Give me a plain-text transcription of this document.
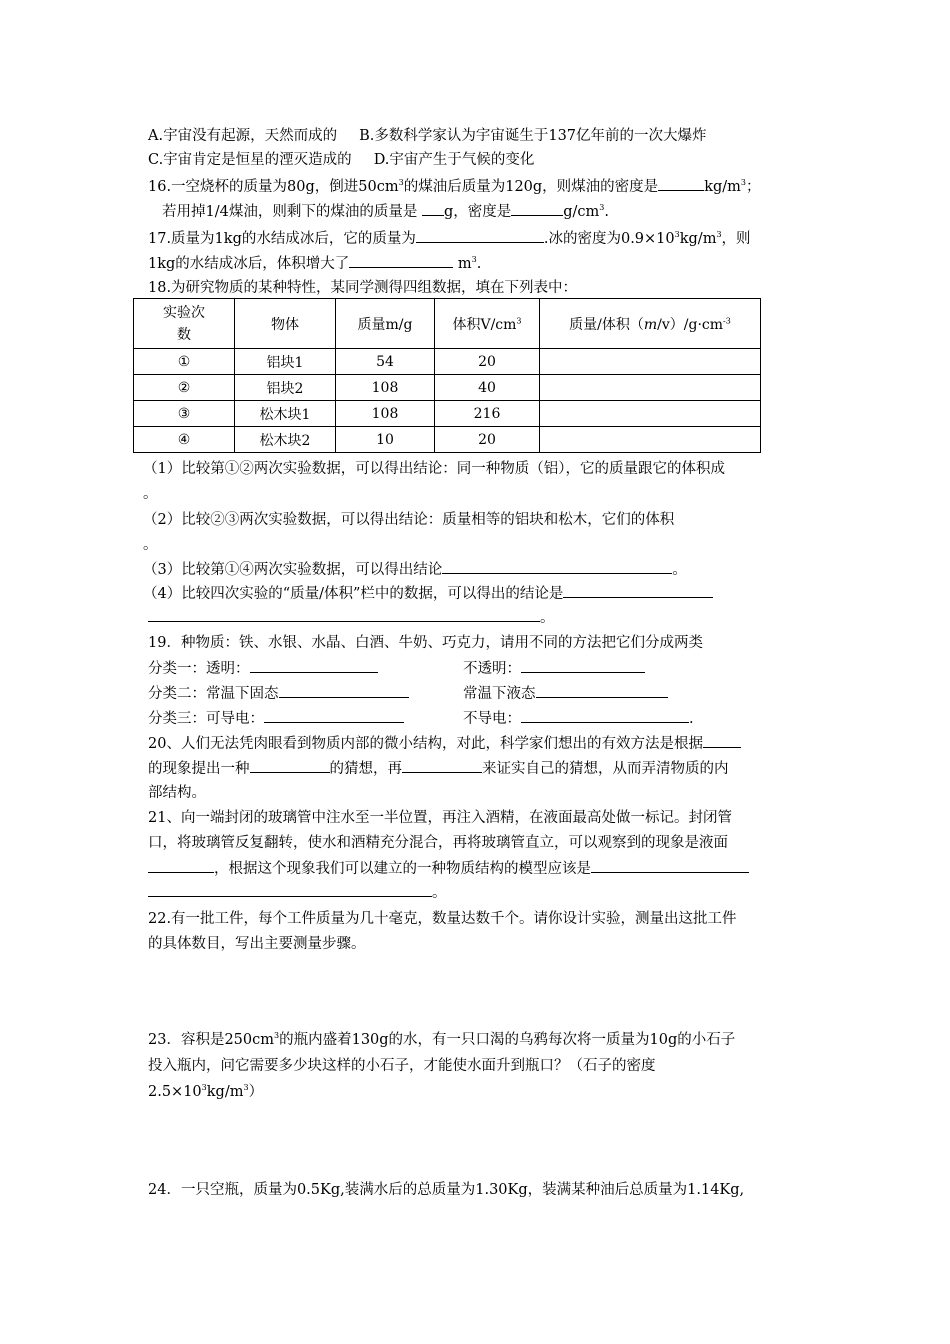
A.宇宙没有起源，天然而成的 B.多数科学家认为宇宙诞生于137亿年前的一次大爆炸
C.宇宙肯定是恒星的湮灭造成的 D.宇宙产生于气候的变化
16.一空烧杯的质量为80g，倒进$50cm^3$的煤油后质量为120g，则煤油的密度是	$kg/m^3$；
若用掉1/4煤油，则剩下的煤油的质量是 g，密度是	$g/cm^3$.
17.质量为1kg的水结成冰后，它的质量为	.冰的密度为$0.9\times 10^3kg/m^3$，则
1kg的水结成冰后，体积增大了	$m^3$.
18.为研究物质的某种特性，某同学测得四组数据，填在下列表中：
实验次
数	物体	质量m/g	体积$V/cm^3$	质量/体积$(m/v)/g\cdot cm^{-3}$
①	铝块1	54	20	
②	铝块2	108	40	
③	松木块1	108	216	
④	松木块2	10	20	
（1）比较第①②两次实验数据，可以得出结论：同一种物质（铝），它的质量跟它的体积成
。
（2）比较②③两次实验数据，可以得出结论：质量相等的铝块和松木，它们的体积
。
（3）比较第①④两次实验数据，可以得出结论	。
（4）比较四次实验的“质量/体积”栏中的数据，可以得出的结论是
。
19．种物质：铁、水银、水晶、白酒、牛奶、巧克力，请用不同的方法把它们分成两类
分类一：透明：	不透明：
分类二：常温下固态	常温下液态
分类三：可导电：	不导电：	.
20、人们无法凭肉眼看到物质内部的微小结构，对此，科学家们想出的有效方法是根据
的现象提出一种	的猜想，再	来证实自己的猜想，从而弄清物质的内
部结构。
21、向一端封闭的玻璃管中注水至一半位置，再注入酒精，在液面最高处做一标记。封闭管
口，将玻璃管反复翻转，使水和酒精充分混合，再将玻璃管直立，可以观察到的现象是液面
，根据这个现象我们可以建立的一种物质结构的模型应该是
。
22.有一批工件，每个工件质量为几十毫克，数量达数千个。请你设计实验，测量出这批工件
的具体数目，写出主要测量步骤。
23．容积是$250cm^3$的瓶内盛着130g的水，有一只口渴的乌鸦每次将一质量为10g的小石子
投入瓶内，问它需要多少块这样的小石子，才能使水面升到瓶口？（石子的密度
$2.5\times 10^3kg/m^3$）
24．一只空瓶，质量为0.5Kg,装满水后的总质量为1.30Kg，装满某种油后总质量为1.14Kg,
